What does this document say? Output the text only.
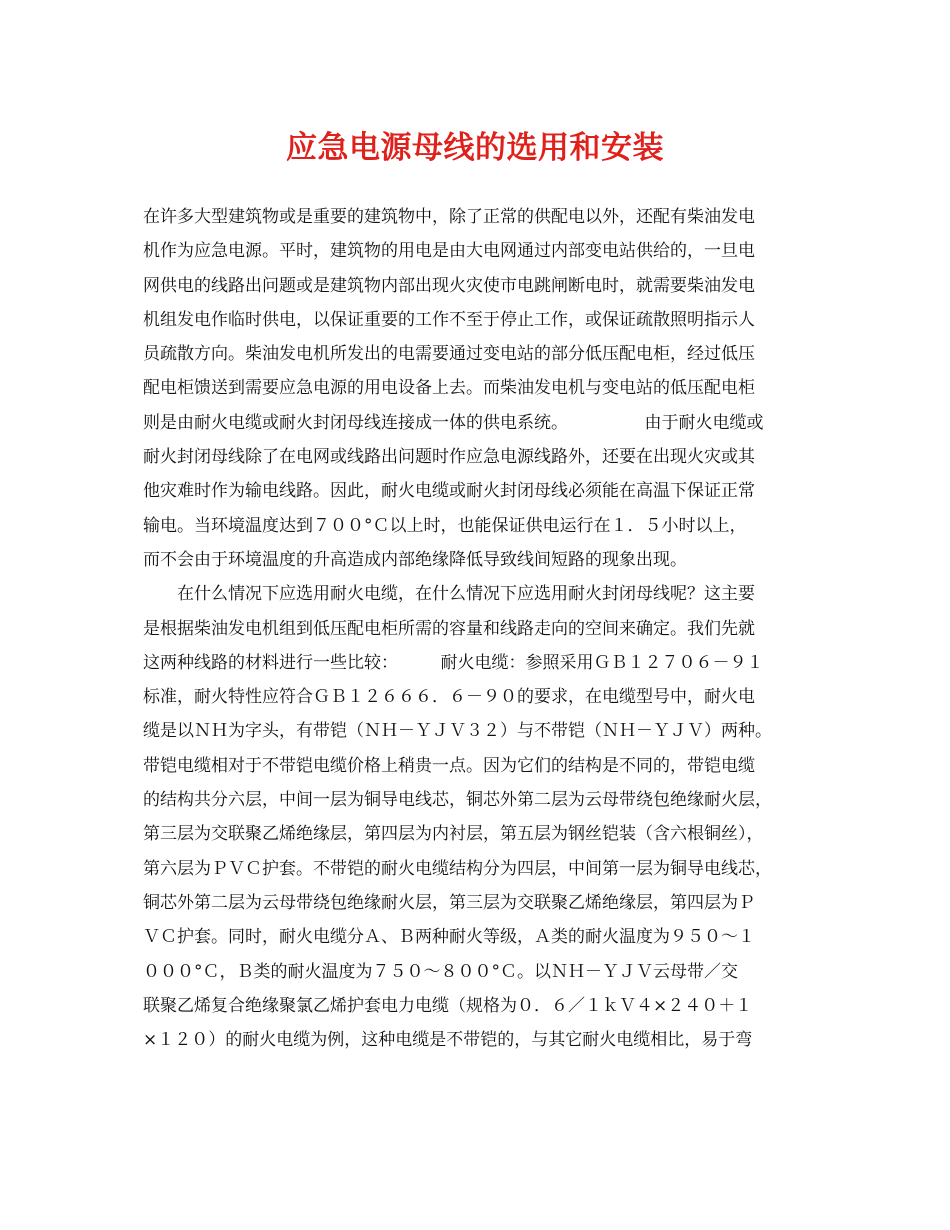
应急电源母线的选用和安装
在许多大型建筑物或是重要的建筑物中，除了正常的供配电以外，还配有柴油发电
机作为应急电源。平时，建筑物的用电是由大电网通过内部变电站供给的，一旦电
网供电的线路出问题或是建筑物内部出现火灾使市电跳闸断电时，就需要柴油发电
机组发电作临时供电，以保证重要的工作不至于停止工作，或保证疏散照明指示人
员疏散方向。柴油发电机所发出的电需要通过变电站的部分低压配电柜，经过低压
配电柜馈送到需要应急电源的用电设备上去。而柴油发电机与变电站的低压配电柜
则是由耐火电缆或耐火封闭母线连接成一体的供电系统。　　　　　由于耐火电缆或
耐火封闭母线除了在电网或线路出问题时作应急电源线路外，还要在出现火灾或其
他灾难时作为输电线路。因此，耐火电缆或耐火封闭母线必须能在高温下保证正常
输电。当环境温度达到７００°Ｃ以上时，也能保证供电运行在１．５小时以上，
而不会由于环境温度的升高造成内部绝缘降低导致线间短路的现象出现。
　　在什么情况下应选用耐火电缆，在什么情况下应选用耐火封闭母线呢？这主要
是根据柴油发电机组到低压配电柜所需的容量和线路走向的空间来确定。我们先就
这两种线路的材料进行一些比较：　　　耐火电缆：参照采用ＧＢ１２７０６－９１
标准，耐火特性应符合ＧＢ１２６６６．６－９０的要求，在电缆型号中，耐火电
缆是以ＮＨ为字头，有带铠（ＮＨ－ＹＪＶ３２）与不带铠（ＮＨ－ＹＪＶ）两种。
带铠电缆相对于不带铠电缆价格上稍贵一点。因为它们的结构是不同的，带铠电缆
的结构共分六层，中间一层为铜导电线芯，铜芯外第二层为云母带绕包绝缘耐火层，
第三层为交联聚乙烯绝缘层，第四层为内衬层，第五层为钢丝铠装（含六根铜丝），
第六层为ＰＶＣ护套。不带铠的耐火电缆结构分为四层，中间第一层为铜导电线芯，
铜芯外第二层为云母带绕包绝缘耐火层，第三层为交联聚乙烯绝缘层，第四层为Ｐ
ＶＣ护套。同时，耐火电缆分Ａ、Ｂ两种耐火等级，Ａ类的耐火温度为９５０～１
０００°Ｃ，Ｂ类的耐火温度为７５０～８００°Ｃ。以ＮＨ－ＹＪＶ云母带／交
联聚乙烯复合绝缘聚氯乙烯护套电力电缆（规格为０．６／１ｋＶ４×２４０＋１
×１２０）的耐火电缆为例，这种电缆是不带铠的，与其它耐火电缆相比，易于弯
